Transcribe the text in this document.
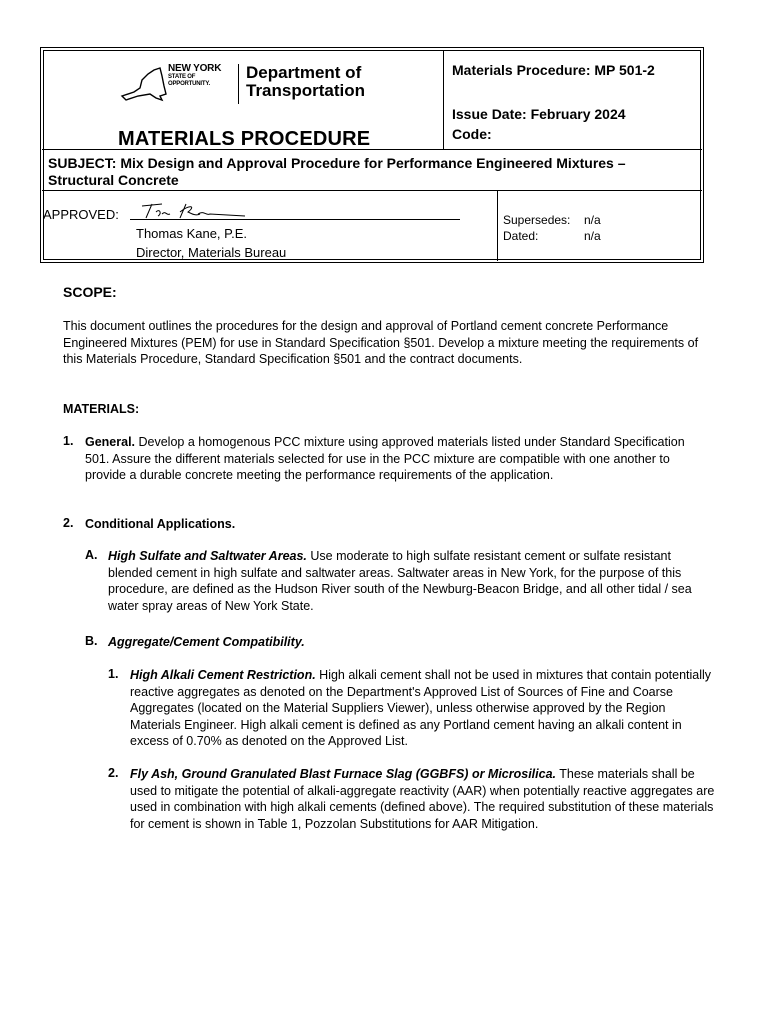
NEW YORK
STATE OF
OPPORTUNITY.
Department of
Transportation
MATERIALS PROCEDURE
Materials Procedure: MP 501-2
Issue Date: February 2024
Code:
SUBJECT: Mix Design and Approval Procedure for Performance Engineered Mixtures – Structural Concrete
APPROVED:
Thomas Kane, P.E.
Director, Materials Bureau
Supersedes: n/a
Dated:	n/a
SCOPE:
This document outlines the procedures for the design and approval of Portland cement concrete Performance Engineered Mixtures (PEM) for use in Standard Specification §501. Develop a mixture meeting the requirements of this Materials Procedure, Standard Specification §501 and the contract documents.
MATERIALS:
1. General. Develop a homogenous PCC mixture using approved materials listed under Standard Specification 501. Assure the different materials selected for use in the PCC mixture are compatible with one another to provide a durable concrete meeting the performance requirements of the application.
2. Conditional Applications.
A. High Sulfate and Saltwater Areas. Use moderate to high sulfate resistant cement or sulfate resistant blended cement in high sulfate and saltwater areas. Saltwater areas in New York, for the purpose of this procedure, are defined as the Hudson River south of the Newburg-Beacon Bridge, and all other tidal / sea water spray areas of New York State.
B. Aggregate/Cement Compatibility.
1. High Alkali Cement Restriction. High alkali cement shall not be used in mixtures that contain potentially reactive aggregates as denoted on the Department's Approved List of Sources of Fine and Coarse Aggregates (located on the Material Suppliers Viewer), unless otherwise approved by the Region Materials Engineer. High alkali cement is defined as any Portland cement having an alkali content in excess of 0.70% as denoted on the Approved List.
2. Fly Ash, Ground Granulated Blast Furnace Slag (GGBFS) or Microsilica. These materials shall be used to mitigate the potential of alkali-aggregate reactivity (AAR) when potentially reactive aggregates are used in combination with high alkali cements (defined above). The required substitution of these materials for cement is shown in Table 1, Pozzolan Substitutions for AAR Mitigation.
